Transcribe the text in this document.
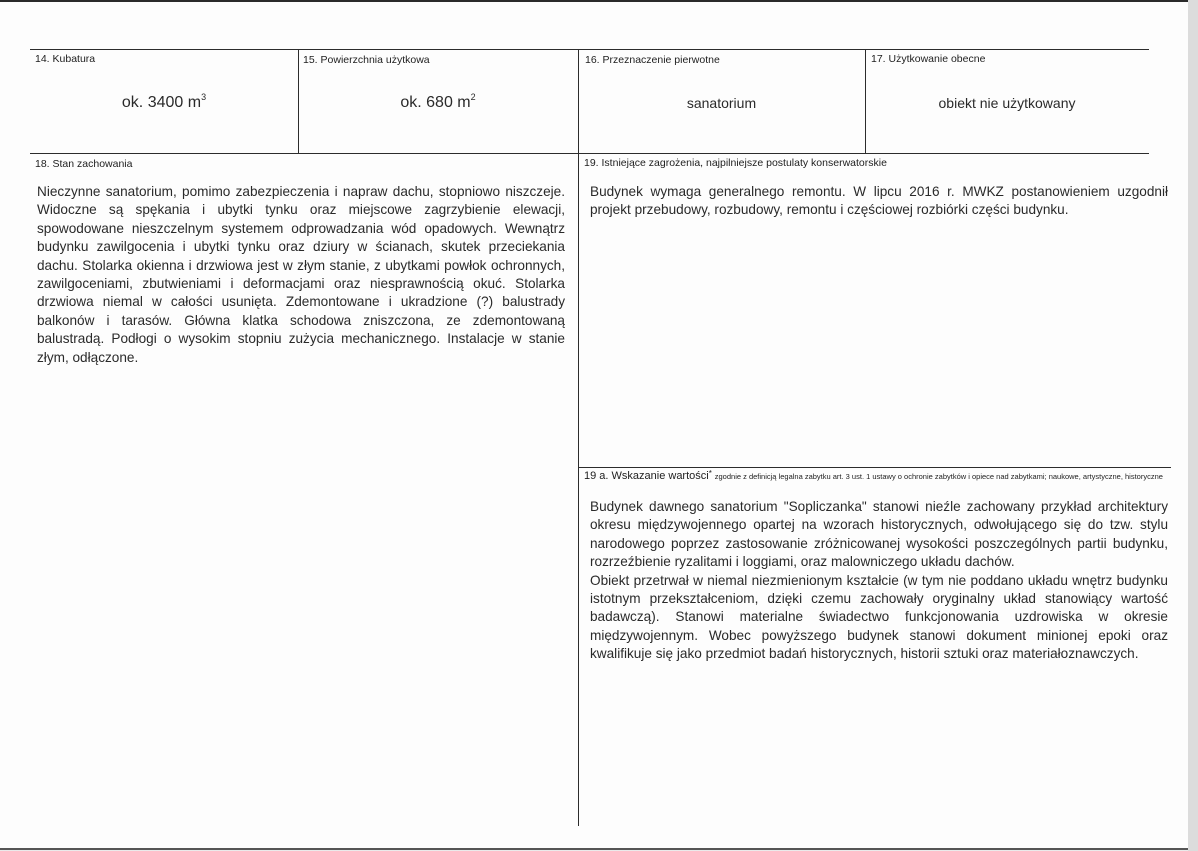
14. Kubatura
ok. 3400 $m^3$
15. Powierzchnia użytkowa
ok. 680 $m^2$
16. Przeznaczenie pierwotne
sanatorium
17. Użytkowanie obecne
obiekt nie użytkowany
18. Stan zachowania
Nieczynne sanatorium, pomimo zabezpieczenia i napraw dachu, stopniowo niszczeje. Widoczne są spękania i ubytki tynku oraz miejscowe zagrzybienie elewacji, spowodowane nieszczelnym systemem odprowadzania wód opadowych. Wewnątrz budynku zawilgocenia i ubytki tynku oraz dziury w ścianach, skutek przeciekania dachu. Stolarka okienna i drzwiowa jest w złym stanie, z ubytkami powłok ochronnych, zawilgoceniami, zbutwieniami i deformacjami oraz niesprawnością okuć. Stolarka drzwiowa niemal w całości usunięta. Zdemontowane i ukradzione (?) balustrady balkonów i tarasów. Główna klatka schodowa zniszczona, ze zdemontowaną balustradą. Podłogi o wysokim stopniu zużycia mechanicznego. Instalacje w stanie złym, odłączone.
19. Istniejące zagrożenia, najpilniejsze postulaty konserwatorskie
Budynek wymaga generalnego remontu. W lipcu 2016 r. MWKZ postanowieniem uzgodnił projekt przebudowy, rozbudowy, remontu i częściowej rozbiórki części budynku.
19 a. Wskazanie wartości* zgodnie z definicją legalna zabytku art. 3 ust. 1 ustawy o ochronie zabytków i opiece nad zabytkami; naukowe, artystyczne, historyczne

Budynek dawnego sanatorium "Sopliczanka" stanowi nieźle zachowany przykład architektury okresu międzywojennego opartej na wzorach historycznych, odwołującego się do tzw. stylu narodowego poprzez zastosowanie zróżnicowanej wysokości poszczególnych partii budynku, rozrzeźbienie ryzalitami i loggiami, oraz malowniczego układu dachów.

Obiekt przetrwał w niemal niezmienionym kształcie (w tym nie poddano układu wnętrz budynku istotnym przekształceniom, dzięki czemu zachowały oryginalny układ stanowiący wartość badawczą). Stanowi materialne świadectwo funkcjonowania uzdrowiska w okresie międzywojennym. Wobec powyższego budynek stanowi dokument minionej epoki oraz kwalifikuje się jako przedmiot badań historycznych, historii sztuki oraz materiałoznawczych.
